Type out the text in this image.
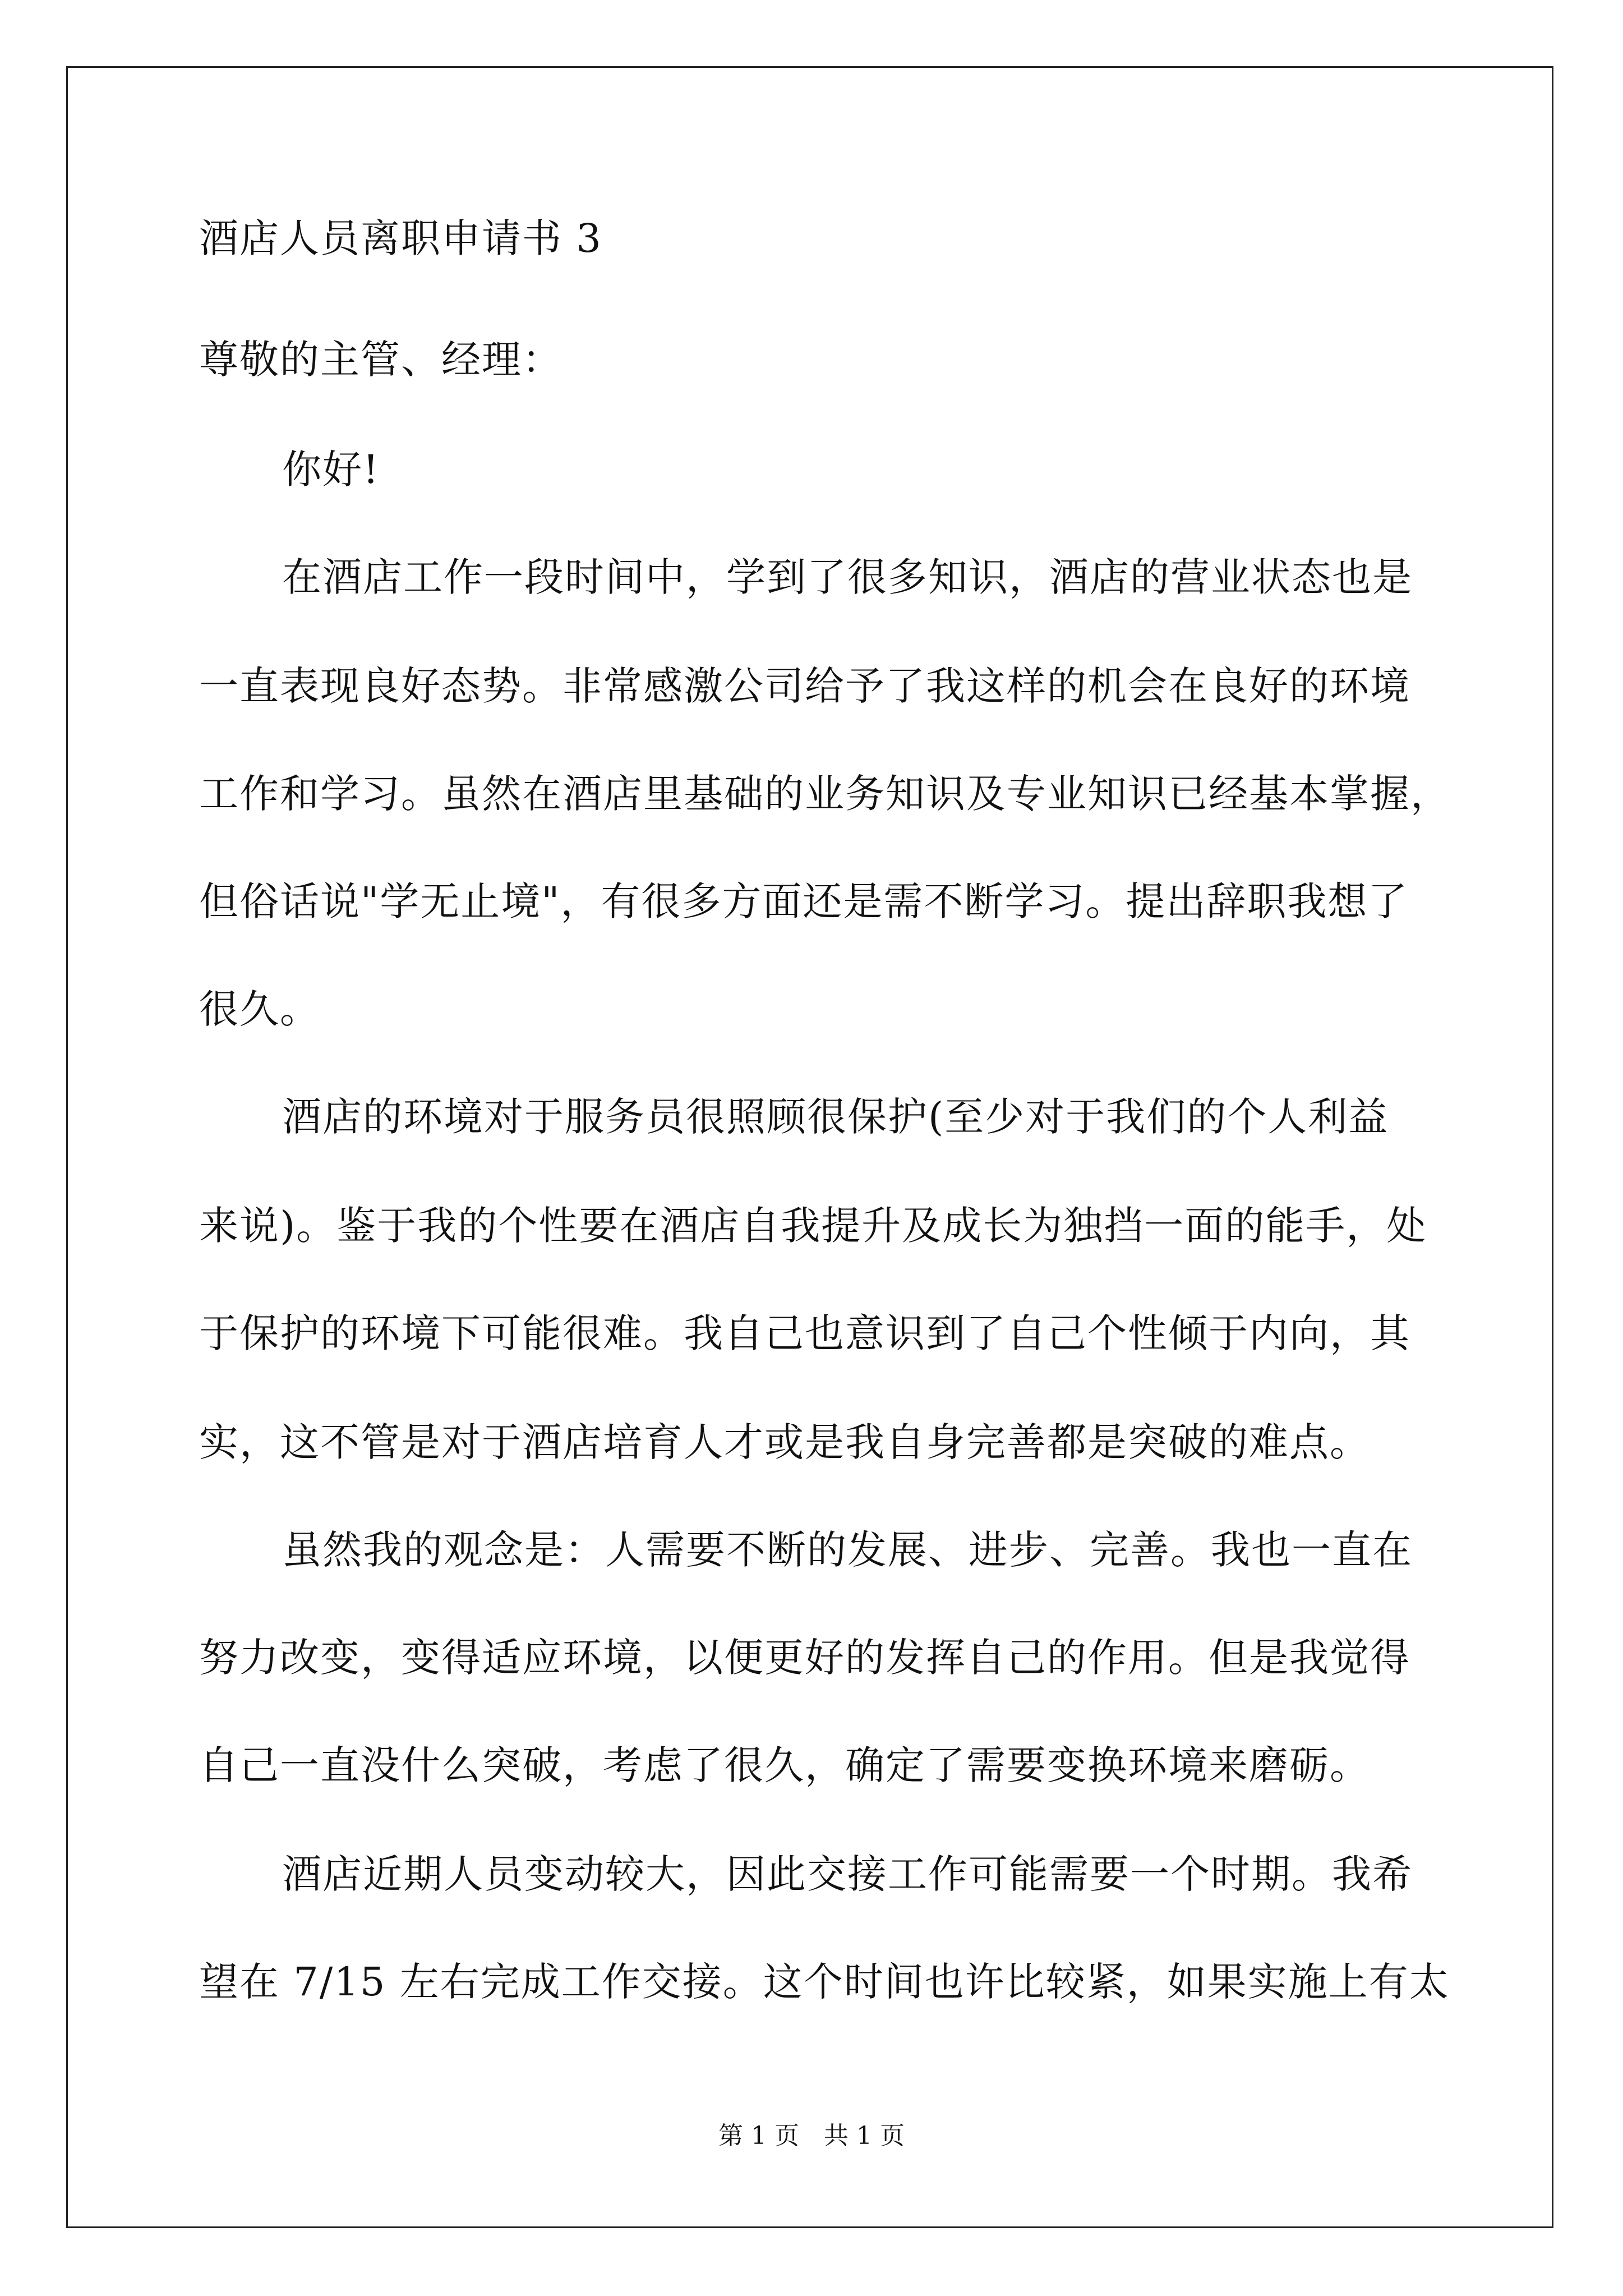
酒店人员离职申请书 3
尊敬的主管、经理：
你好!
在酒店工作一段时间中，学到了很多知识，酒店的营业状态也是
一直表现良好态势。非常感激公司给予了我这样的机会在良好的环境
工作和学习。虽然在酒店里基础的业务知识及专业知识已经基本掌握，
但俗话说"学无止境"，有很多方面还是需不断学习。提出辞职我想了
很久。
酒店的环境对于服务员很照顾很保护(至少对于我们的个人利益
来说)。鉴于我的个性要在酒店自我提升及成长为独挡一面的能手，处
于保护的环境下可能很难。我自己也意识到了自己个性倾于内向，其
实，这不管是对于酒店培育人才或是我自身完善都是突破的难点。
虽然我的观念是：人需要不断的发展、进步、完善。我也一直在
努力改变，变得适应环境，以便更好的发挥自己的作用。但是我觉得
自己一直没什么突破，考虑了很久，确定了需要变换环境来磨砺。
酒店近期人员变动较大，因此交接工作可能需要一个时期。我希
望在 7/15 左右完成工作交接。这个时间也许比较紧，如果实施上有太
第 1 页　共 1 页
